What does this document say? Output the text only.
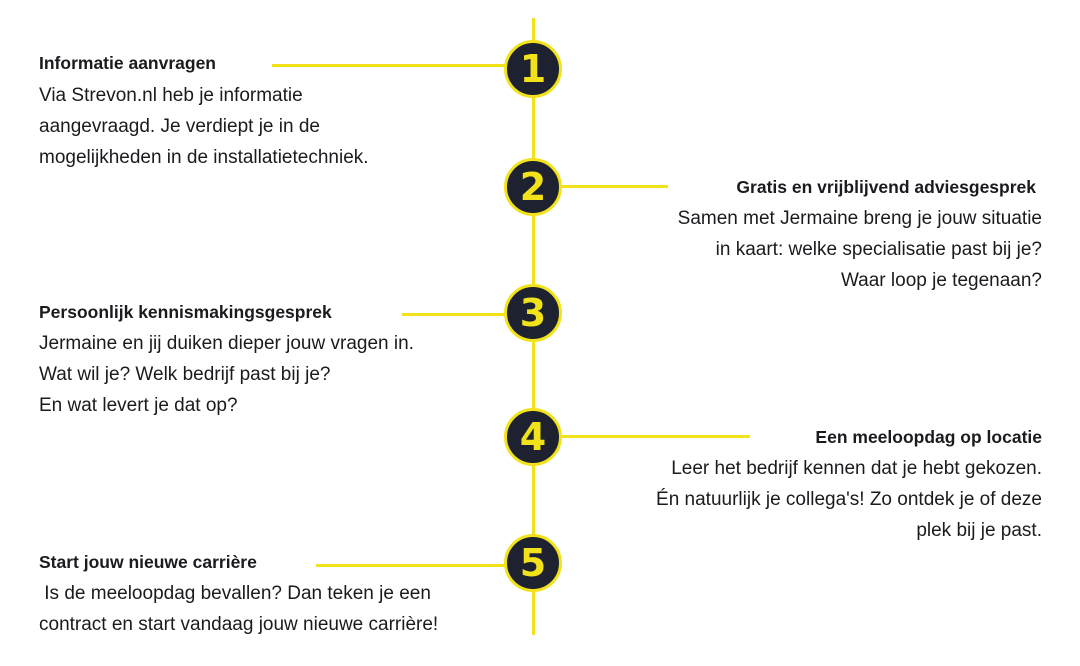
1
Informatie aanvragen
Via Strevon.nl heb je informatie
aangevraagd. Je verdiept je in de
mogelijkheden in de installatietechniek.
2	Gratis en vrijblijvend adviesgesprek
Samen met Jermaine breng je jouw situatie
in kaart: welke specialisatie past bij je?
Waar loop je tegenaan?
3
Persoonlijk kennismakingsgesprek
Jermaine en jij duiken dieper jouw vragen in.
Wat wil je? Welk bedrijf past bij je?
En wat levert je dat op?
4	Een meeloopdag op locatie
Leer het bedrijf kennen dat je hebt gekozen.
Én natuurlijk je collega's! Zo ontdek je of deze
plek bij je past.
5
Start jouw nieuwe carrière
Is de meeloopdag bevallen? Dan teken je een
contract en start vandaag jouw nieuwe carrière!
